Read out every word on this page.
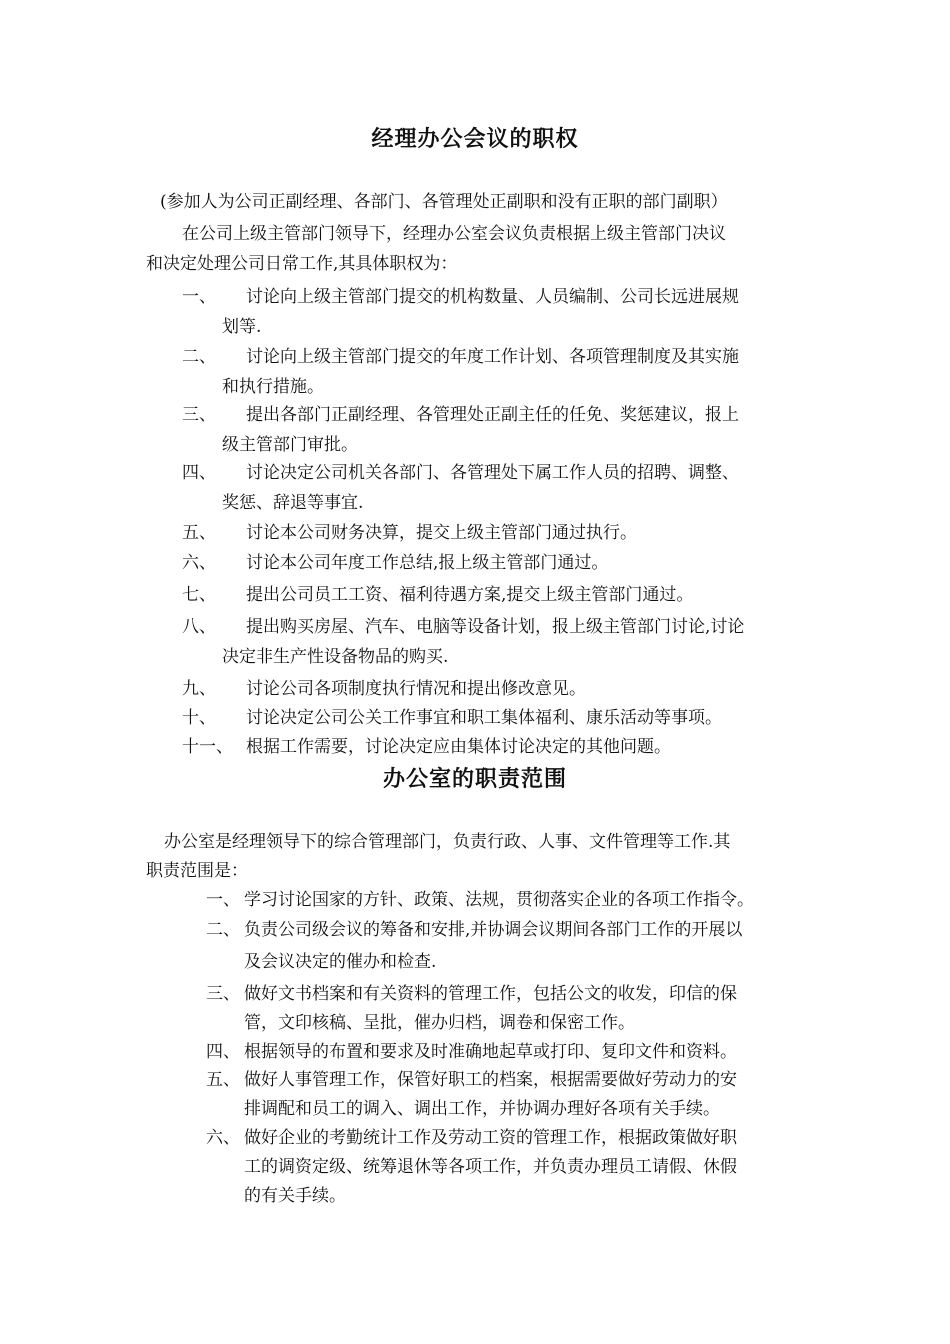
经理办公会议的职权
(参加人为公司正副经理、各部门、各管理处正副职和没有正职的部门副职）
在公司上级主管部门领导下，经理办公室会议负责根据上级主管部门决议
和决定处理公司日常工作,其具体职权为：
一、 讨论向上级主管部门提交的机构数量、人员编制、公司长远进展规
划等.
二、 讨论向上级主管部门提交的年度工作计划、各项管理制度及其实施
和执行措施。
三、 提出各部门正副经理、各管理处正副主任的任免、奖惩建议，报上
级主管部门审批。
四、 讨论决定公司机关各部门、各管理处下属工作人员的招聘、调整、
奖惩、辞退等事宜.
五、 讨论本公司财务决算，提交上级主管部门通过执行。
六、 讨论本公司年度工作总结,报上级主管部门通过。
七、 提出公司员工工资、福利待遇方案,提交上级主管部门通过。
八、 提出购买房屋、汽车、电脑等设备计划，报上级主管部门讨论,讨论
决定非生产性设备物品的购买.
九、 讨论公司各项制度执行情况和提出修改意见。
十、 讨论决定公司公关工作事宜和职工集体福利、康乐活动等事项。
十一、 根据工作需要，讨论决定应由集体讨论决定的其他问题。
办公室的职责范围
办公室是经理领导下的综合管理部门，负责行政、人事、文件管理等工作.其
职责范围是：
一、 学习讨论国家的方针、政策、法规，贯彻落实企业的各项工作指令。
二、 负责公司级会议的筹备和安排,并协调会议期间各部门工作的开展以
及会议决定的催办和检查.
三、 做好文书档案和有关资料的管理工作，包括公文的收发，印信的保
管，文印核稿、呈批，催办归档，调卷和保密工作。
四、 根据领导的布置和要求及时准确地起草或打印、复印文件和资料。
五、 做好人事管理工作，保管好职工的档案，根据需要做好劳动力的安
排调配和员工的调入、调出工作，并协调办理好各项有关手续。
六、 做好企业的考勤统计工作及劳动工资的管理工作，根据政策做好职
工的调资定级、统筹退休等各项工作，并负责办理员工请假、休假
的有关手续。
